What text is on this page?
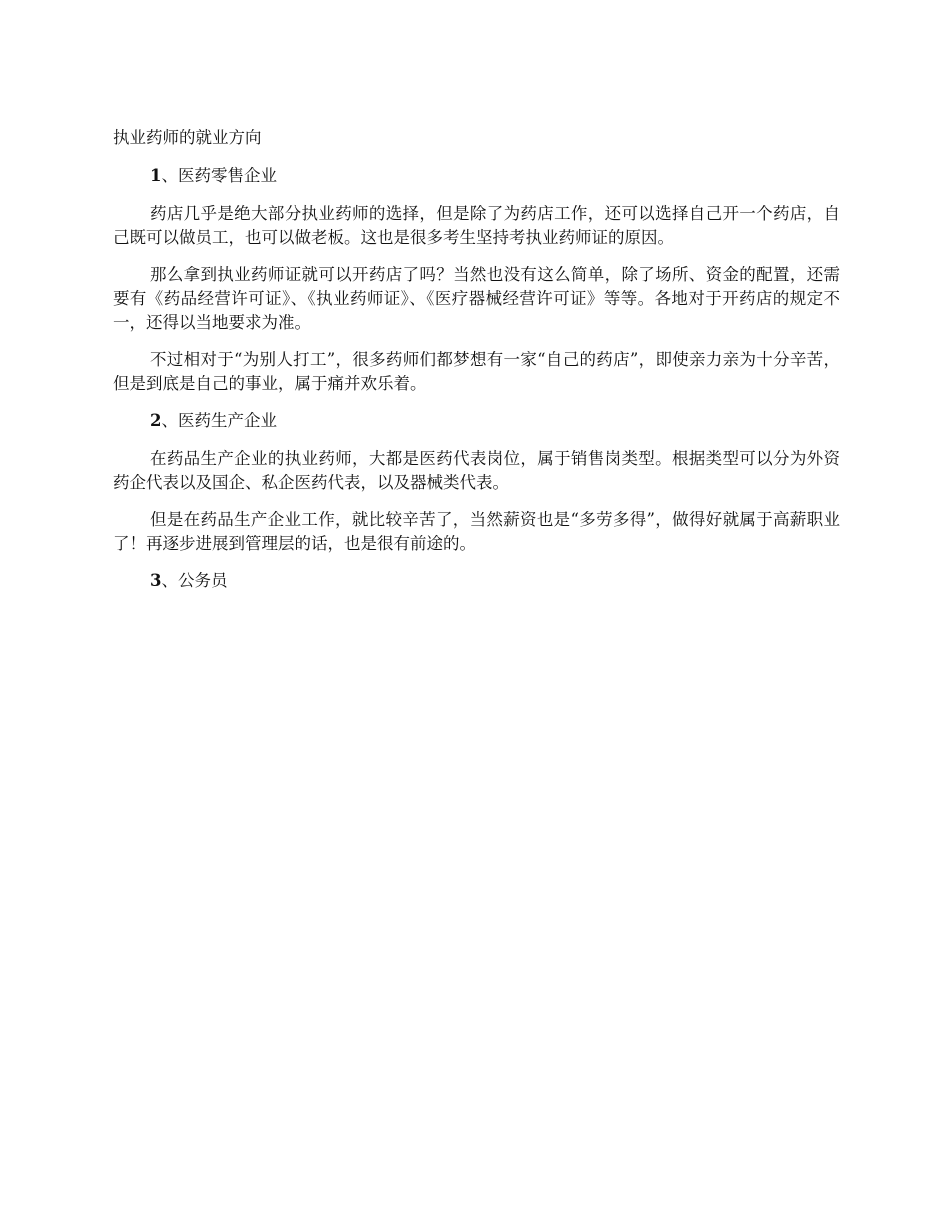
执业药师的就业方向
1、医药零售企业

药店几乎是绝大部分执业药师的选择，但是除了为药店工作，还可以选择自己开一个药店，自己既可以做员工，也可以做老板。这也是很多考生坚持考执业药师证的原因。

那么拿到执业药师证就可以开药店了吗？当然也没有这么简单，除了场所、资金的配置，还需要有《药品经营许可证》、《执业药师证》、《医疗器械经营许可证》等等。各地对于开药店的规定不一，还得以当地要求为准。

不过相对于“为别人打工”，很多药师们都梦想有一家“自己的药店”，即使亲力亲为十分辛苦，但是到底是自己的事业，属于痛并欢乐着。

2、医药生产企业

在药品生产企业的执业药师，大都是医药代表岗位，属于销售岗类型。根据类型可以分为外资药企代表以及国企、私企医药代表，以及器械类代表。

但是在药品生产企业工作，就比较辛苦了，当然薪资也是“多劳多得”，做得好就属于高薪职业了！再逐步进展到管理层的话，也是很有前途的。

3、公务员
